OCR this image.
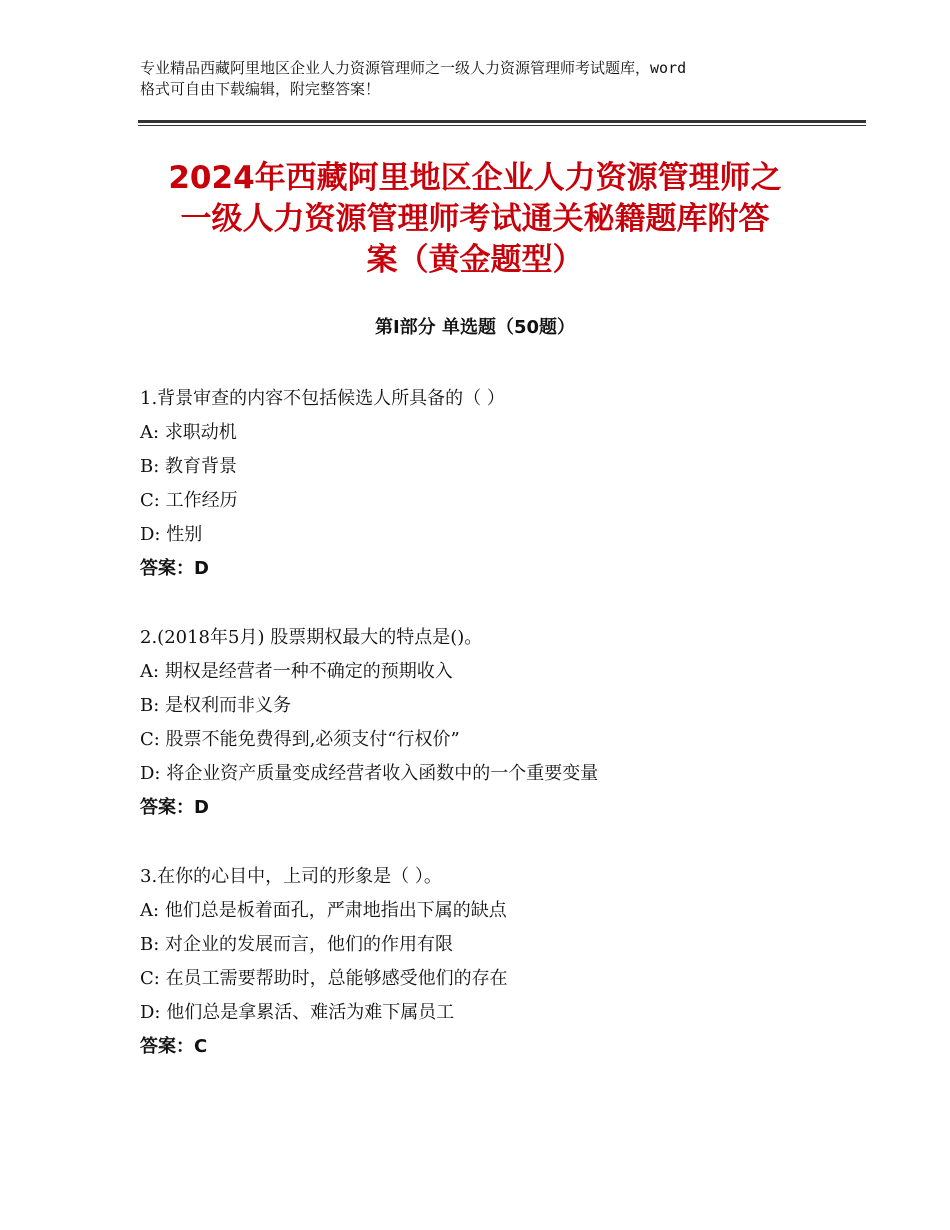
专业精品西藏阿里地区企业人力资源管理师之一级人力资源管理师考试题库，word
格式可自由下载编辑，附完整答案！
2024年西藏阿里地区企业人力资源管理师之
一级人力资源管理师考试通关秘籍题库附答
案（黄金题型）
第Ⅰ部分 单选题（50题）
1.背景审查的内容不包括候选人所具备的（ ）
A: 求职动机
B: 教育背景
C: 工作经历
D: 性别
答案：D
2.(2018年5月) 股票期权最大的特点是()。
A: 期权是经营者一种不确定的预期收入
B: 是权利而非义务
C: 股票不能免费得到,必须支付“行权价”
D: 将企业资产质量变成经营者收入函数中的一个重要变量
答案：D
3.在你的心目中，上司的形象是（ ）。
A: 他们总是板着面孔，严肃地指出下属的缺点
B: 对企业的发展而言，他们的作用有限
C: 在员工需要帮助时，总能够感受他们的存在
D: 他们总是拿累活、难活为难下属员工
答案：C
